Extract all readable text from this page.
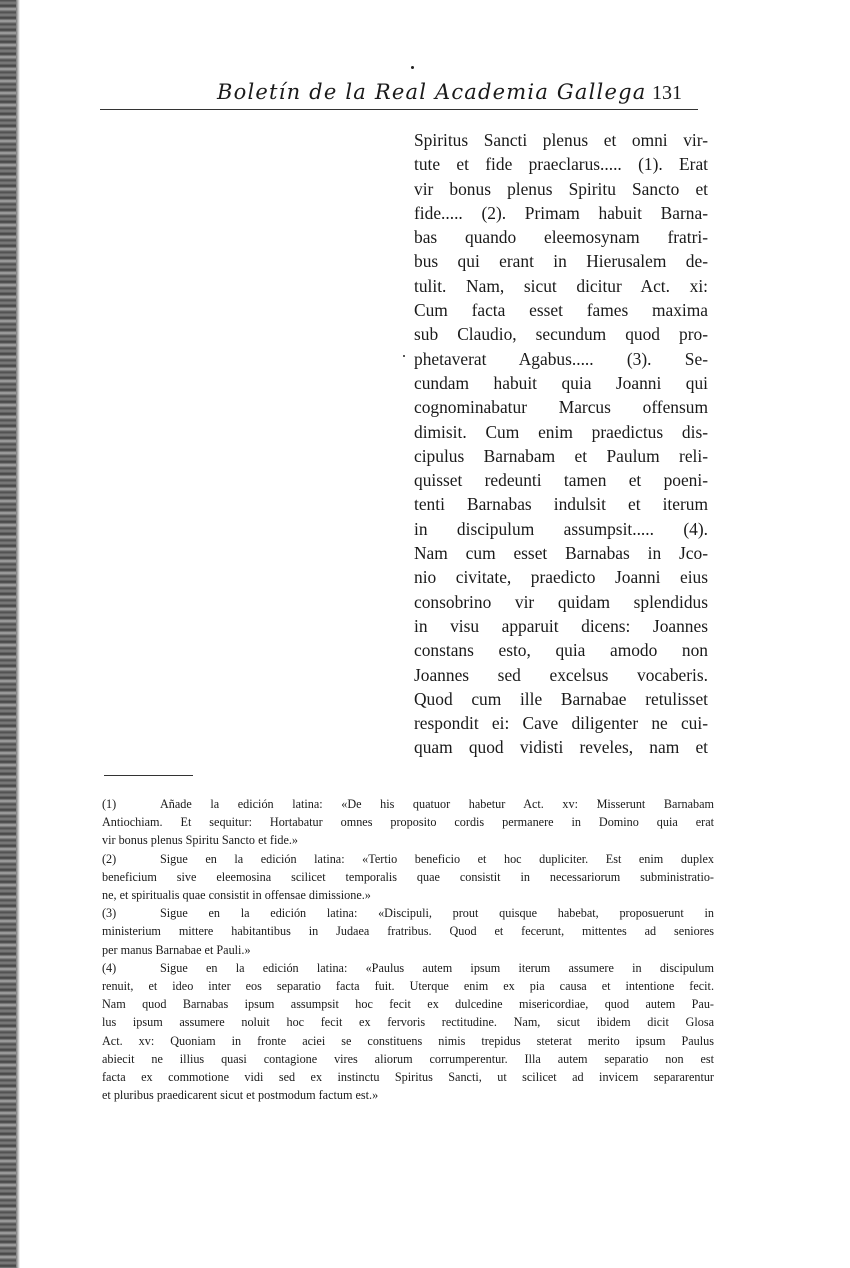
Boletín de la Real Academia Gallega 131
Spiritus Sancti plenus et omni vir-
tute et fide praeclarus..... (1). Erat
vir bonus plenus Spiritu Sancto et
fide..... (2). Primam habuit Barna-
bas quando eleemosynam fratri-
bus qui erant in Hierusalem de-
tulit. Nam, sicut dicitur Act. xi:
Cum facta esset fames maxima
sub Claudio, secundum quod pro-
phetaverat Agabus..... (3). Se-
cundam habuit quia Joanni qui
cognominabatur Marcus offensum
dimisit. Cum enim praedictus dis-
cipulus Barnabam et Paulum reli-
quisset redeunti tamen et poeni-
tenti Barnabas indulsit et iterum
in discipulum assumpsit..... (4).
Nam cum esset Barnabas in Jco-
nio civitate, praedicto Joanni eius
consobrino vir quidam splendidus
in visu apparuit dicens: Joannes
constans esto, quia amodo non
Joannes sed excelsus vocaberis.
Quod cum ille Barnabae retulisset
respondit ei: Cave diligenter ne cui-
quam quod vidisti reveles, nam et
(1)	Añade la edición latina: «De his quatuor habetur Act. xv: Misserunt Barnabam
Antiochiam. Et sequitur: Hortabatur omnes proposito cordis permanere in Domino quia erat
vir bonus plenus Spiritu Sancto et fide.»
(2)	Sigue en la edición latina: «Tertio beneficio et hoc dupliciter. Est enim duplex
beneficium sive eleemosina scilicet temporalis quae consistit in necessariorum subministratio-
ne, et spiritualis quae consistit in offensae dimissione.»
(3)	Sigue en la edición latina: «Discipuli, prout quisque habebat, proposuerunt in
ministerium mittere habitantibus in Judaea fratribus. Quod et fecerunt, mittentes ad seniores
per manus Barnabae et Pauli.»
(4)	Sigue en la edición latina: «Paulus autem ipsum iterum assumere in discipulum
renuit, et ideo inter eos separatio facta fuit. Uterque enim ex pia causa et intentione fecit.
Nam quod Barnabas ipsum assumpsit hoc fecit ex dulcedine misericordiae, quod autem Pau-
lus ipsum assumere noluit hoc fecit ex fervoris rectitudine. Nam, sicut ibidem dicit Glosa
Act. xv: Quoniam in fronte aciei se constituens nimis trepidus steterat merito ipsum Paulus
abiecit ne illius quasi contagione vires aliorum corrumperentur. Illa autem separatio non est
facta ex commotione vidi sed ex instinctu Spiritus Sancti, ut scilicet ad invicem separarentur
et pluribus praedicarent sicut et postmodum factum est.»
